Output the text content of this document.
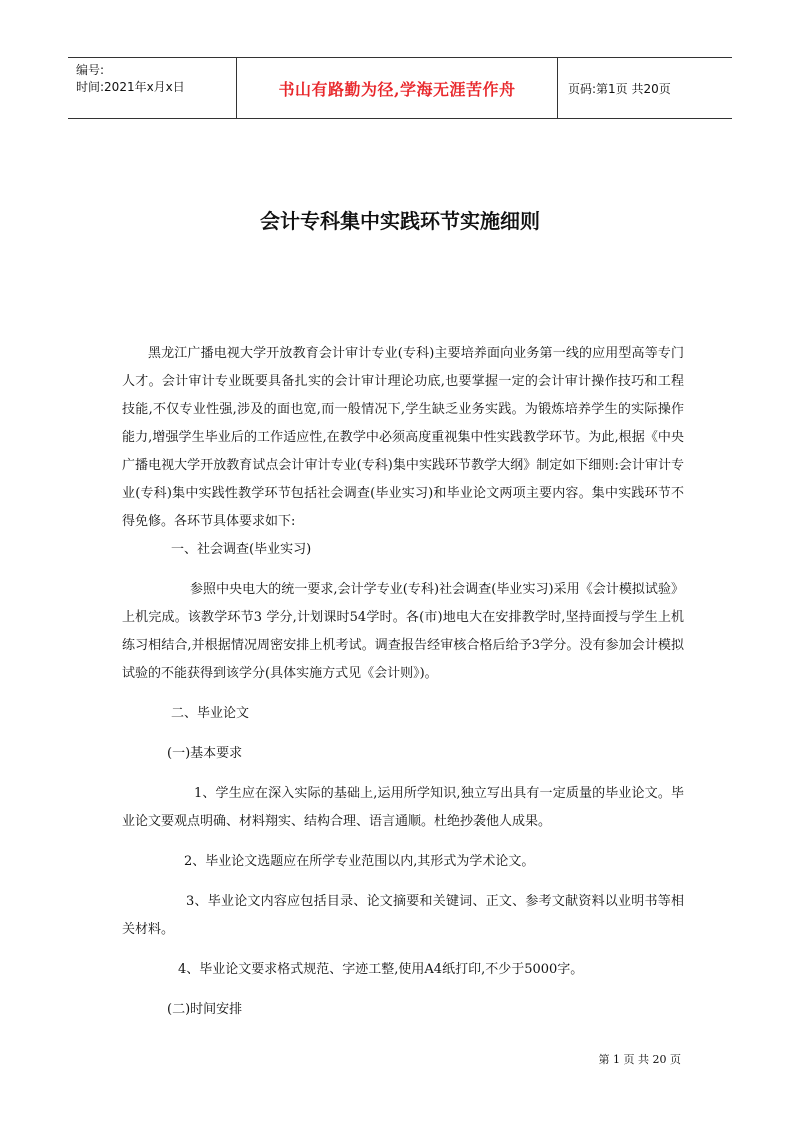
编号:
时间:2021年x月x日	书山有路勤为径,学海无涯苦作舟	页码:第1页 共20页
会计专科集中实践环节实施细则

黑龙江广播电视大学开放教育会计审计专业(专科)主要培养面向业务第一线的应用型高等专门人才。会计审计专业既要具备扎实的会计审计理论功底,也要掌握一定的会计审计操作技巧和工程技能,不仅专业性强,涉及的面也宽,而一般情况下,学生缺乏业务实践。为锻炼培养学生的实际操作能力,增强学生毕业后的工作适应性,在教学中必须高度重视集中性实践教学环节。为此,根据《中央广播电视大学开放教育试点会计审计专业(专科)集中实践环节教学大纲》制定如下细则:会计审计专业(专科)集中实践性教学环节包括社会调查(毕业实习)和毕业论文两项主要内容。集中实践环节不得免修。各环节具体要求如下:

一、社会调查(毕业实习)

参照中央电大的统一要求,会计学专业(专科)社会调查(毕业实习)采用《会计模拟试验》上机完成。该教学环节3 学分,计划课时54学时。各(市)地电大在安排教学时,坚持面授与学生上机练习相结合,并根据情况周密安排上机考试。调查报告经审核合格后给予3学分。没有参加会计模拟试验的不能获得到该学分(具体实施方式见《会计则》)。

二、毕业论文

(一)基本要求

1、学生应在深入实际的基础上,运用所学知识,独立写出具有一定质量的毕业论文。毕业论文要观点明确、材料翔实、结构合理、语言通顺。杜绝抄袭他人成果。

2、毕业论文选题应在所学专业范围以内,其形式为学术论文。

3、毕业论文内容应包括目录、论文摘要和关键词、正文、参考文献资料以业明书等相关材料。

4、毕业论文要求格式规范、字迹工整,使用A4纸打印,不少于5000字。

(二)时间安排

第 1 页 共 20 页
